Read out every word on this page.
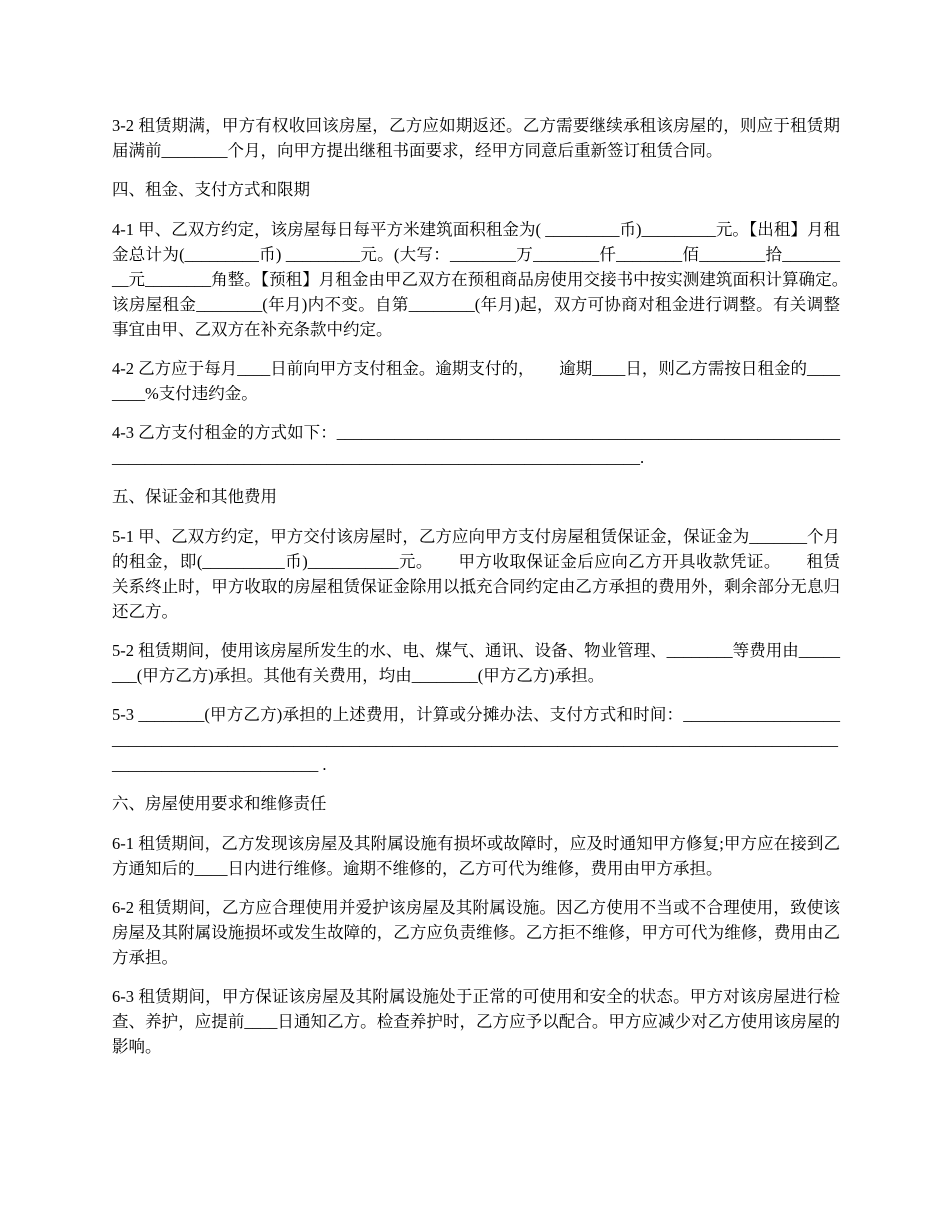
3-2 租赁期满，甲方有权收回该房屋，乙方应如期返还。乙方需要继续承租该房屋的，则应于租赁期届满前________个月，向甲方提出继租书面要求，经甲方同意后重新签订租赁合同。

四、租金、支付方式和限期

4-1 甲、乙双方约定，该房屋每日每平方米建筑面积租金为( _________币)_________元。【出租】月租金总计为(_________币) _________元。(大写：________万________仟________佰________拾_________元________角整。【预租】月租金由甲乙双方在预租商品房使用交接书中按实测建筑面积计算确定。　　该房屋租金________(年月)内不变。自第________(年月)起，双方可协商对租金进行调整。有关调整事宜由甲、乙双方在补充条款中约定。

4-2 乙方应于每月____日前向甲方支付租金。逾期支付的，　　逾期____日，则乙方需按日租金的________%支付违约金。

4-3 乙方支付租金的方式如下：_____________________________________________________________________________________________________________________________.

五、保证金和其他费用

5-1 甲、乙双方约定，甲方交付该房屋时，乙方应向甲方支付房屋租赁保证金，保证金为_______个月的租金，即(__________币)___________元。　　甲方收取保证金后应向乙方开具收款凭证。　　租赁关系终止时，甲方收取的房屋租赁保证金除用以抵充合同约定由乙方承担的费用外，剩余部分无息归还乙方。

5-2 租赁期间，使用该房屋所发生的水、电、煤气、通讯、设备、物业管理、________等费用由________(甲方乙方)承担。其他有关费用，均由________(甲方乙方)承担。

5-3 ________(甲方乙方)承担的上述费用，计算或分摊办法、支付方式和时间：____________________________________________________________________________________________________________________________________ .

六、房屋使用要求和维修责任

6-1 租赁期间，乙方发现该房屋及其附属设施有损坏或故障时，应及时通知甲方修复;甲方应在接到乙方通知后的____日内进行维修。逾期不维修的，乙方可代为维修，费用由甲方承担。

6-2 租赁期间，乙方应合理使用并爱护该房屋及其附属设施。因乙方使用不当或不合理使用，致使该房屋及其附属设施损坏或发生故障的，乙方应负责维修。乙方拒不维修，甲方可代为维修，费用由乙方承担。

6-3 租赁期间，甲方保证该房屋及其附属设施处于正常的可使用和安全的状态。甲方对该房屋进行检查、养护，应提前____日通知乙方。检查养护时，乙方应予以配合。甲方应减少对乙方使用该房屋的影响。
